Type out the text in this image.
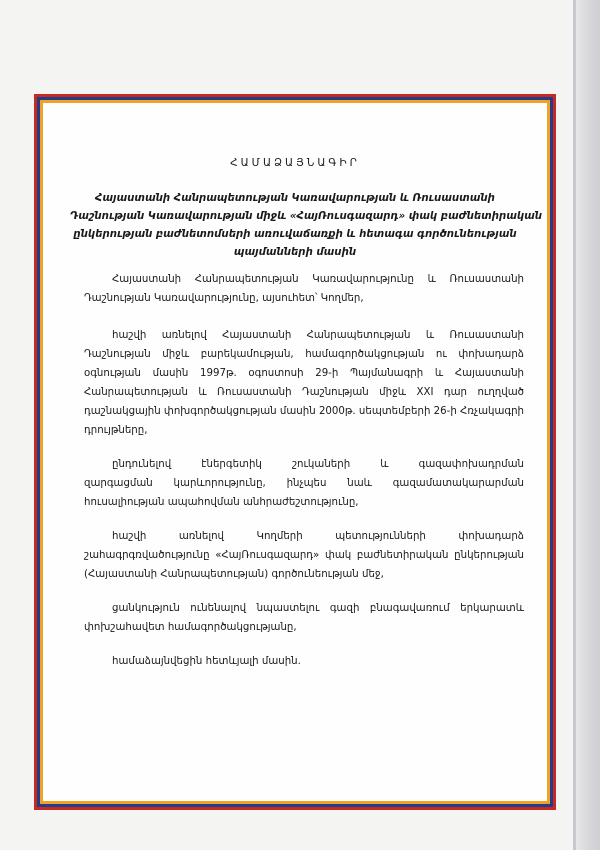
ՀԱՄԱՁԱՅՆԱԳԻՐ
Հայաստանի Հանրապետության Կառավարության և Ռուսաստանի
Դաշնության Կառավարության միջև «ՀայՌուսգազարդ» փակ բաժնետիրական
ընկերության բաժնետոմսերի առուվաճառքի և հետագա գործունեության
պայմանների մասին
Հայաստանի Հանրապետության Կառավարությունը և Ռուսաստանի
Դաշնության Կառավարությունը, այսուհետ՝ Կողմեր,
հաշվի առնելով Հայաստանի Հանրապետության և Ռուսաստանի
Դաշնության միջև բարեկամության, համագործակցության ու փոխադարձ
օգնության մասին 1997թ. օգոստոսի 29-ի Պայմանագրի և Հայաստանի
Հանրապետության և Ռուսաստանի Դաշնության միջև XXI դար ուղղված
դաշնակցային փոխգործակցության մասին 2000թ. սեպտեմբերի 26-ի Հռչակագրի
դրույթները,
ընդունելով էներգետիկ շուկաների և գազափոխադրման
զարգացման կարևորությունը, ինչպես նաև գազամատակարարման
հուսալիության ապահովման անհրաժեշտությունը,
հաշվի առնելով Կողմերի պետությունների փոխադարձ
շահագրգռվածությունը «ՀայՌուսգազարդ» փակ բաժնետիրական ընկերության
(Հայաստանի Հանրապետության) գործունեության մեջ,
ցանկություն ունենալով նպաստելու գազի բնագավառում երկարատև
փոխշահավետ համագործակցությանը,
համաձայնվեցին հետևյալի մասին.
